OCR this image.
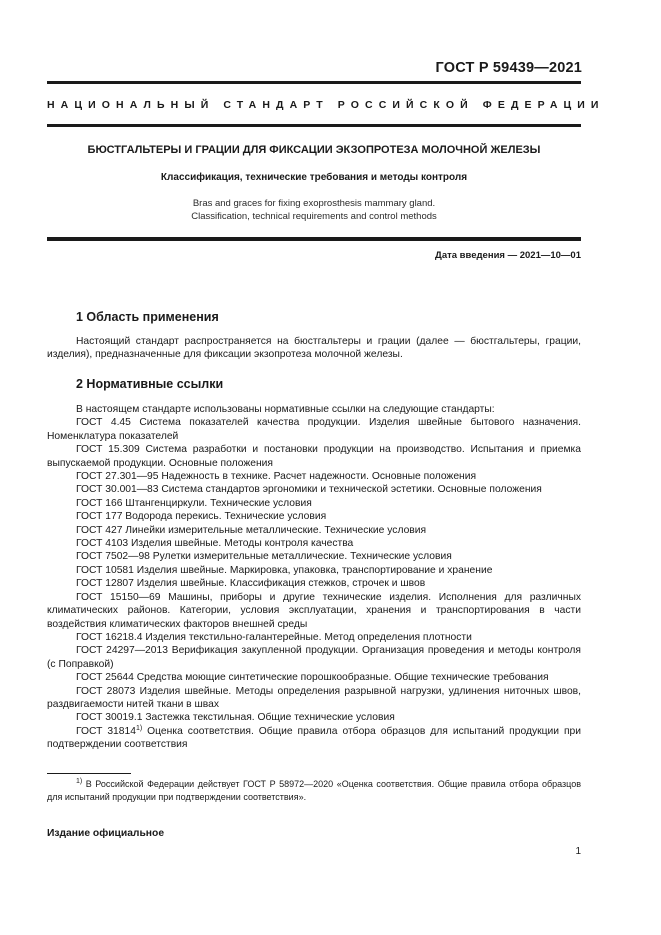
ГОСТ Р 59439—2021
НАЦИОНАЛЬНЫЙ СТАНДАРТ РОССИЙСКОЙ ФЕДЕРАЦИИ
БЮСТГАЛЬТЕРЫ И ГРАЦИИ ДЛЯ ФИКСАЦИИ ЭКЗОПРОТЕЗА МОЛОЧНОЙ ЖЕЛЕЗЫ
Классификация, технические требования и методы контроля
Bras and graces for fixing exoprosthesis mammary gland.
Classification, technical requirements and control methods
Дата введения — 2021—10—01
1 Область применения

Настоящий стандарт распространяется на бюстгальтеры и грации (далее — бюстгальтеры, грации, изделия), предназначенные для фиксации экзопротеза молочной железы.

2 Нормативные ссылки

В настоящем стандарте использованы нормативные ссылки на следующие стандарты:

ГОСТ 4.45 Система показателей качества продукции. Изделия швейные бытового назначения. Номенклатура показателей

ГОСТ 15.309 Система разработки и постановки продукции на производство. Испытания и приемка выпускаемой продукции. Основные положения

ГОСТ 27.301—95 Надежность в технике. Расчет надежности. Основные положения

ГОСТ 30.001—83 Система стандартов эргономики и технической эстетики. Основные положения

ГОСТ 166 Штангенциркули. Технические условия

ГОСТ 177 Водорода перекись. Технические условия

ГОСТ 427 Линейки измерительные металлические. Технические условия

ГОСТ 4103 Изделия швейные. Методы контроля качества

ГОСТ 7502—98 Рулетки измерительные металлические. Технические условия

ГОСТ 10581 Изделия швейные. Маркировка, упаковка, транспортирование и хранение

ГОСТ 12807 Изделия швейные. Классификация стежков, строчек и швов

ГОСТ 15150—69 Машины, приборы и другие технические изделия. Исполнения для различных климатических районов. Категории, условия эксплуатации, хранения и транспортирования в части воздействия климатических факторов внешней среды

ГОСТ 16218.4 Изделия текстильно-галантерейные. Метод определения плотности

ГОСТ 24297—2013 Верификация закупленной продукции. Организация проведения и методы контроля (с Поправкой)

ГОСТ 25644 Средства моющие синтетические порошкообразные. Общие технические требования

ГОСТ 28073 Изделия швейные. Методы определения разрывной нагрузки, удлинения ниточных швов, раздвигаемости нитей ткани в швах

ГОСТ 30019.1 Застежка текстильная. Общие технические условия

ГОСТ 31814$^{1)}$ Оценка соответствия. Общие правила отбора образцов для испытаний продукции при подтверждении соответствия

$^{1)}$ В Российской Федерации действует ГОСТ Р 58972—2020 «Оценка соответствия. Общие правила отбора образцов для испытаний продукции при подтверждении соответствия».

Издание официальное
1
